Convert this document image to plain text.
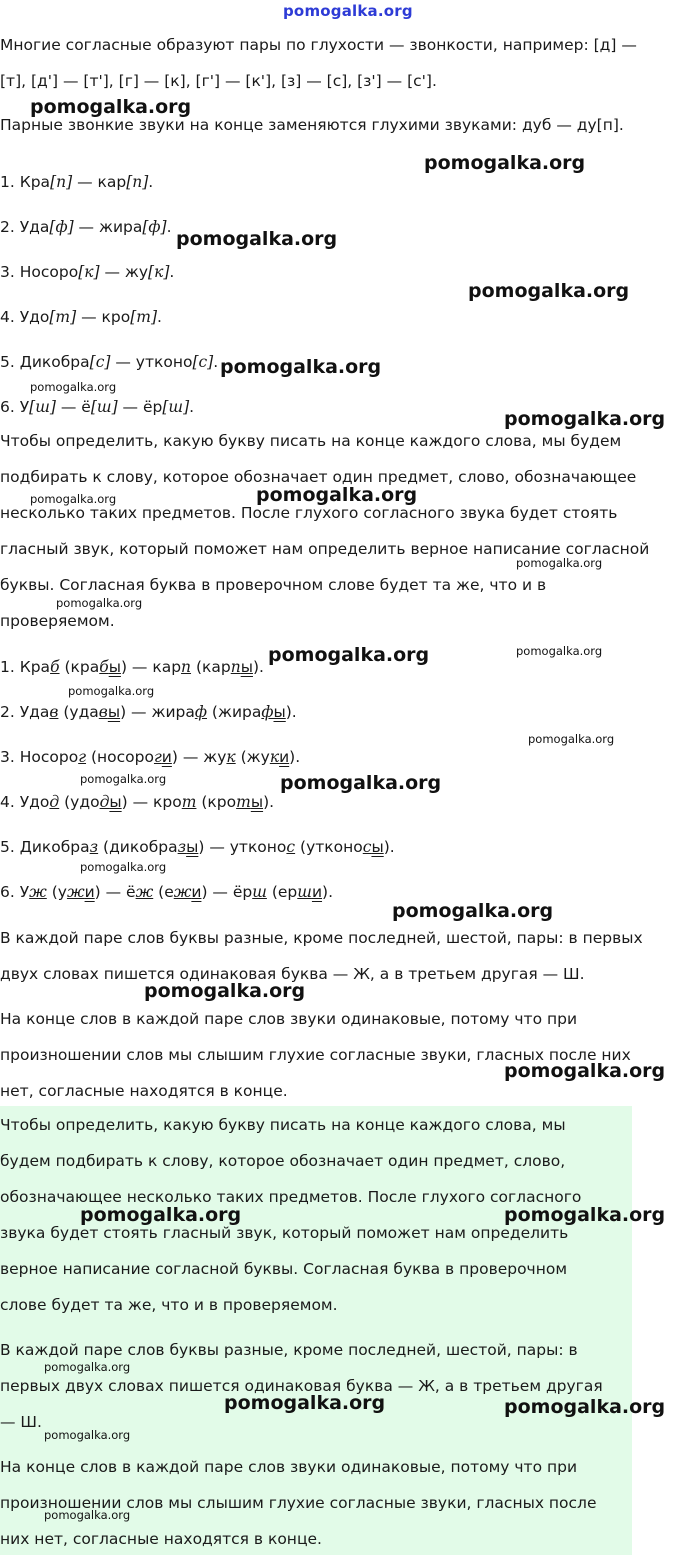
pomogalka.org
Многие согласные образуют пары по глухости — звонкости, например: [д] —
[т], [д'] — [т'], [г] — [к], [г'] — [к'], [з] — [с], [з'] — [с'].
Парные звонкие звуки на конце заменяются глухими звуками: дуб — ду[п].
1. Кра[п] — кар[п].
2. Уда[ф] — жира[ф].
3. Носоро[к] — жу[к].
4. Удо[т] — кро[т].
5. Дикобра[с] — утконо[с].
6. У[ш] — ё[ш] — ёр[ш].
Чтобы определить, какую букву писать на конце каждого слова, мы будем
подбирать к слову, которое обозначает один предмет, слово, обозначающее
несколько таких предметов. После глухого согласного звука будет стоять
гласный звук, который поможет нам определить верное написание согласной
буквы. Согласная буква в проверочном слове будет та же, что и в
проверяемом.
1. Краб (крабы) — карп (карпы).
2. Удав (удавы) — жираф (жирафы).
3. Носорог (носороги) — жук (жуки).
4. Удод (удоды) — крот (кроты).
5. Дикобраз (дикобразы) — утконос (утконосы).
6. Уж (ужи) — ёж (ежи) — ёрш (ерши).
В каждой паре слов буквы разные, кроме последней, шестой, пары: в первых
двух словах пишется одинаковая буква — Ж, а в третьем другая — Ш.
На конце слов в каждой паре слов звуки одинаковые, потому что при
произношении слов мы слышим глухие согласные звуки, гласных после них
нет, согласные находятся в конце.
Чтобы определить, какую букву писать на конце каждого слова, мы
будем подбирать к слову, которое обозначает один предмет, слово,
обозначающее несколько таких предметов. После глухого согласного
звука будет стоять гласный звук, который поможет нам определить
верное написание согласной буквы. Согласная буква в проверочном
слове будет та же, что и в проверяемом.
В каждой паре слов буквы разные, кроме последней, шестой, пары: в
первых двух словах пишется одинаковая буква — Ж, а в третьем другая
— Ш.
На конце слов в каждой паре слов звуки одинаковые, потому что при
произношении слов мы слышим глухие согласные звуки, гласных после
них нет, согласные находятся в конце.
pomogalka.org
pomogalka.org
pomogalka.org
pomogalka.org
pomogalka.org
pomogalka.org
pomogalka.org
pomogalka.org
pomogalka.org
pomogalka.org
pomogalka.org
pomogalka.org
pomogalka.org
pomogalka.org
pomogalka.org
pomogalka.org	pomogalka.org
pomogalka.org
pomogalka.org
pomogalka.org
pomogalka.org
pomogalka.org	pomogalka.org
pomogalka.org
pomogalka.org	pomogalka.org
pomogalka.org
pomogalka.org
